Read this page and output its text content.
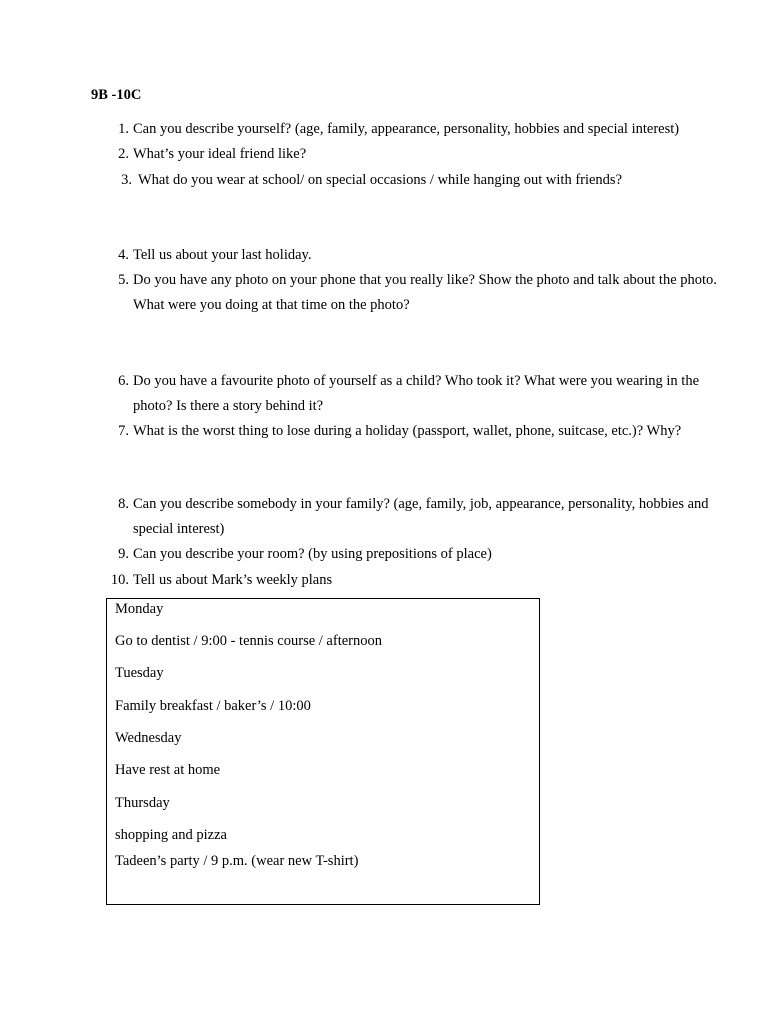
9B -10C
1. Can you describe yourself? (age, family, appearance, personality, hobbies and special interest)
2. What’s your ideal friend like?
3. What do you wear at school/ on special occasions / while hanging out with friends?
4. Tell us about your last holiday.
5. Do you have any photo on your phone that you really like? Show the photo and talk about the photo. What were you doing at that time on the photo?
6. Do you have a favourite photo of yourself as a child? Who took it? What were you wearing in the photo? Is there a story behind it?
7. What is the worst thing to lose during a holiday (passport, wallet, phone, suitcase, etc.)? Why?
8. Can you describe somebody in your family? (age, family, job, appearance, personality, hobbies and special interest)
9. Can you describe your room? (by using prepositions of place)
10. Tell us about Mark’s weekly plans
Monday
Go to dentist / 9:00 - tennis course / afternoon
Tuesday
Family breakfast / baker’s / 10:00
Wednesday
Have rest at home
Thursday
shopping and pizza
Tadeen’s party / 9 p.m. (wear new T-shirt)
